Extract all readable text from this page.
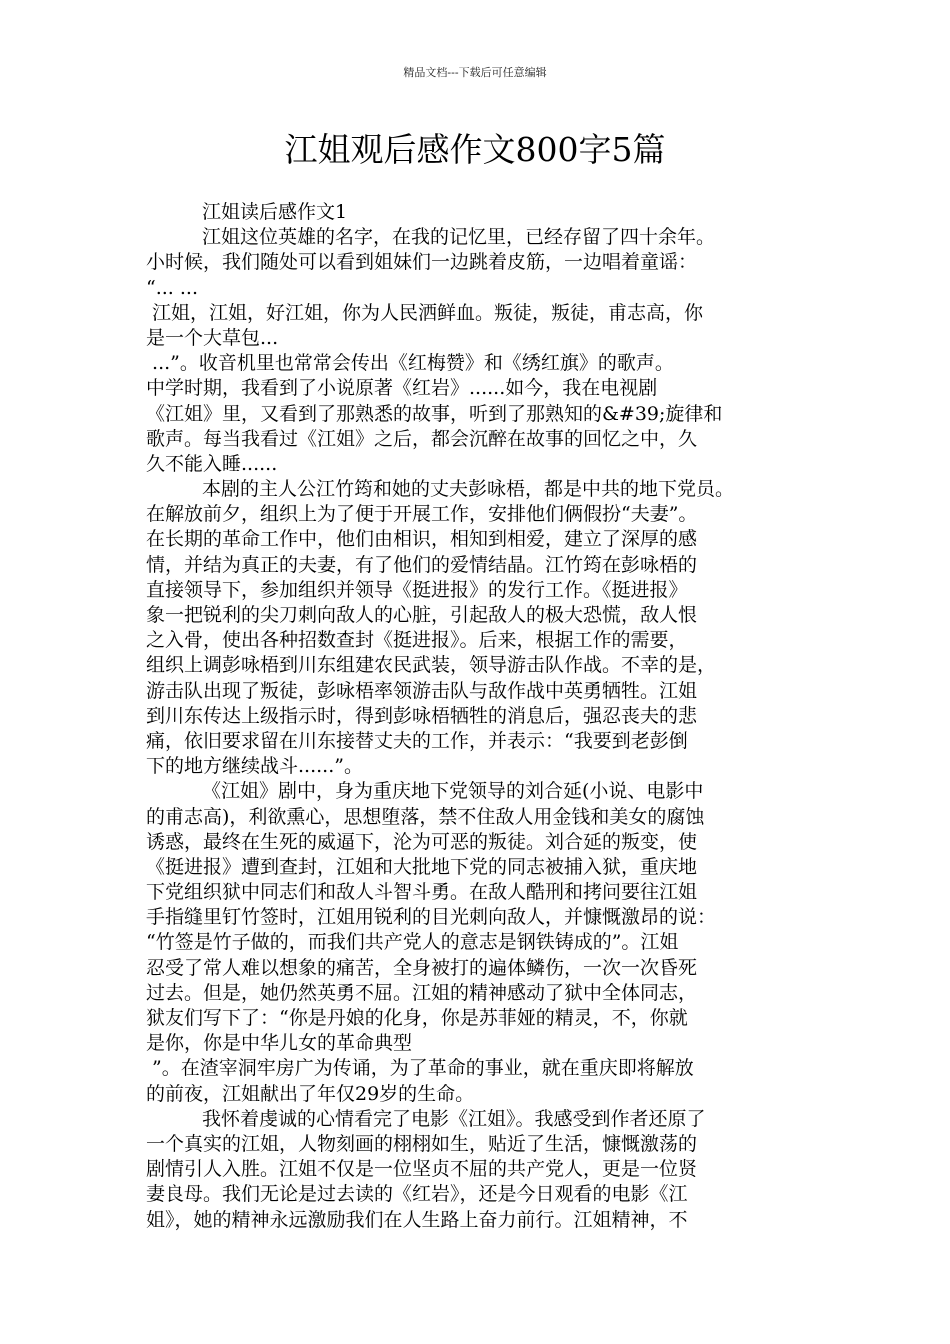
精品文档---下载后可任意编辑
江姐观后感作文800字5篇
江姐读后感作文1
江姐这位英雄的名字，在我的记忆里，已经存留了四十余年。
小时候，我们随处可以看到姐妹们一边跳着皮筋，一边唱着童谣：
“... ...
江姐，江姐，好江姐，你为人民洒鲜血。叛徒，叛徒，甫志高，你
是一个大草包...
...”。收音机里也常常会传出《红梅赞》和《绣红旗》的歌声。
中学时期，我看到了小说原著《红岩》......如今，我在电视剧
《江姐》里，又看到了那熟悉的故事，听到了那熟知的&#39;旋律和
歌声。每当我看过《江姐》之后，都会沉醉在故事的回忆之中，久
久不能入睡......
本剧的主人公江竹筠和她的丈夫彭咏梧，都是中共的地下党员。
在解放前夕，组织上为了便于开展工作，安排他们俩假扮“夫妻”。
在长期的革命工作中，他们由相识，相知到相爱，建立了深厚的感
情，并结为真正的夫妻，有了他们的爱情结晶。江竹筠在彭咏梧的
直接领导下，参加组织并领导《挺进报》的发行工作。《挺进报》
象一把锐利的尖刀刺向敌人的心脏，引起敌人的极大恐慌，敌人恨
之入骨，使出各种招数查封《挺进报》。后来，根据工作的需要，
组织上调彭咏梧到川东组建农民武装，领导游击队作战。不幸的是，
游击队出现了叛徒，彭咏梧率领游击队与敌作战中英勇牺牲。江姐
到川东传达上级指示时，得到彭咏梧牺牲的消息后，强忍丧夫的悲
痛，依旧要求留在川东接替丈夫的工作，并表示：“我要到老彭倒
下的地方继续战斗......”。
《江姐》剧中，身为重庆地下党领导的刘合延(小说、电影中
的甫志高)，利欲熏心，思想堕落，禁不住敌人用金钱和美女的腐蚀
诱惑，最终在生死的威逼下，沦为可恶的叛徒。刘合延的叛变，使
《挺进报》遭到查封，江姐和大批地下党的同志被捕入狱，重庆地
下党组织狱中同志们和敌人斗智斗勇。在敌人酷刑和拷问要往江姐
手指缝里钉竹签时，江姐用锐利的目光刺向敌人，并慷慨激昂的说：
“竹签是竹子做的，而我们共产党人的意志是钢铁铸成的”。江姐
忍受了常人难以想象的痛苦，全身被打的遍体鳞伤，一次一次昏死
过去。但是，她仍然英勇不屈。江姐的精神感动了狱中全体同志，
狱友们写下了：“你是丹娘的化身，你是苏菲娅的精灵，不，你就
是你，你是中华儿女的革命典型
”。在渣宰洞牢房广为传诵，为了革命的事业，就在重庆即将解放
的前夜，江姐献出了年仅29岁的生命。
我怀着虔诚的心情看完了电影《江姐》。我感受到作者还原了
一个真实的江姐，人物刻画的栩栩如生，贴近了生活，慷慨激荡的
剧情引人入胜。江姐不仅是一位坚贞不屈的共产党人，更是一位贤
妻良母。我们无论是过去读的《红岩》，还是今日观看的电影《江
姐》，她的精神永远激励我们在人生路上奋力前行。江姐精神，不
